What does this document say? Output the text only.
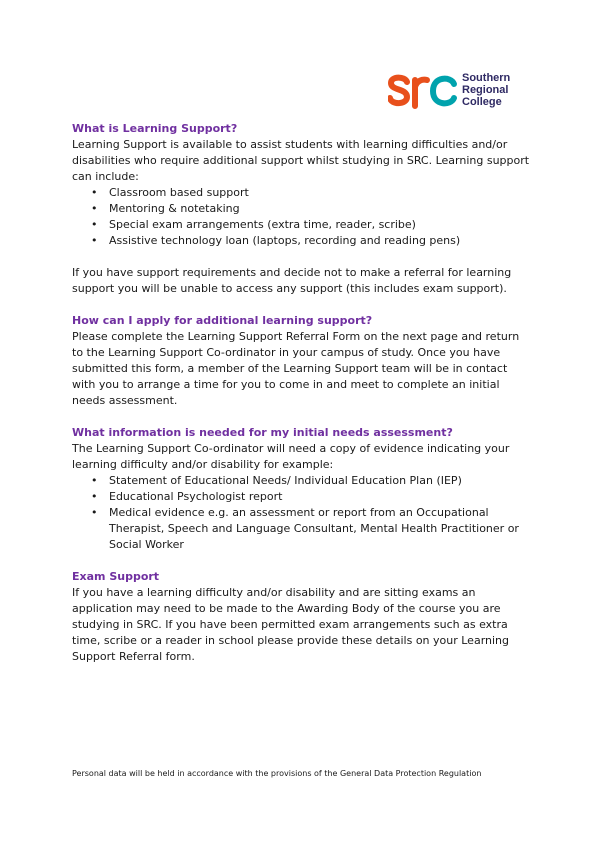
Southern
Regional
College
What is Learning Support?

Learning Support is available to assist students with learning difficulties and/or disabilities who require additional support whilst studying in SRC. Learning support can include:

• Classroom based support
• Mentoring & notetaking
• Special exam arrangements (extra time, reader, scribe)
• Assistive technology loan (laptops, recording and reading pens)

If you have support requirements and decide not to make a referral for learning support you will be unable to access any support (this includes exam support).

How can I apply for additional learning support?

Please complete the Learning Support Referral Form on the next page and return to the Learning Support Co-ordinator in your campus of study. Once you have submitted this form, a member of the Learning Support team will be in contact with you to arrange a time for you to come in and meet to complete an initial needs assessment.

What information is needed for my initial needs assessment?

The Learning Support Co-ordinator will need a copy of evidence indicating your learning difficulty and/or disability for example:

• Statement of Educational Needs/ Individual Education Plan (IEP)
• Educational Psychologist report
• Medical evidence e.g. an assessment or report from an Occupational Therapist, Speech and Language Consultant, Mental Health Practitioner or Social Worker
Exam Support

If you have a learning difficulty and/or disability and are sitting exams an application may need to be made to the Awarding Body of the course you are studying in SRC. If you have been permitted exam arrangements such as extra time, scribe or a reader in school please provide these details on your Learning Support Referral form.

Personal data will be held in accordance with the provisions of the General Data Protection Regulation
